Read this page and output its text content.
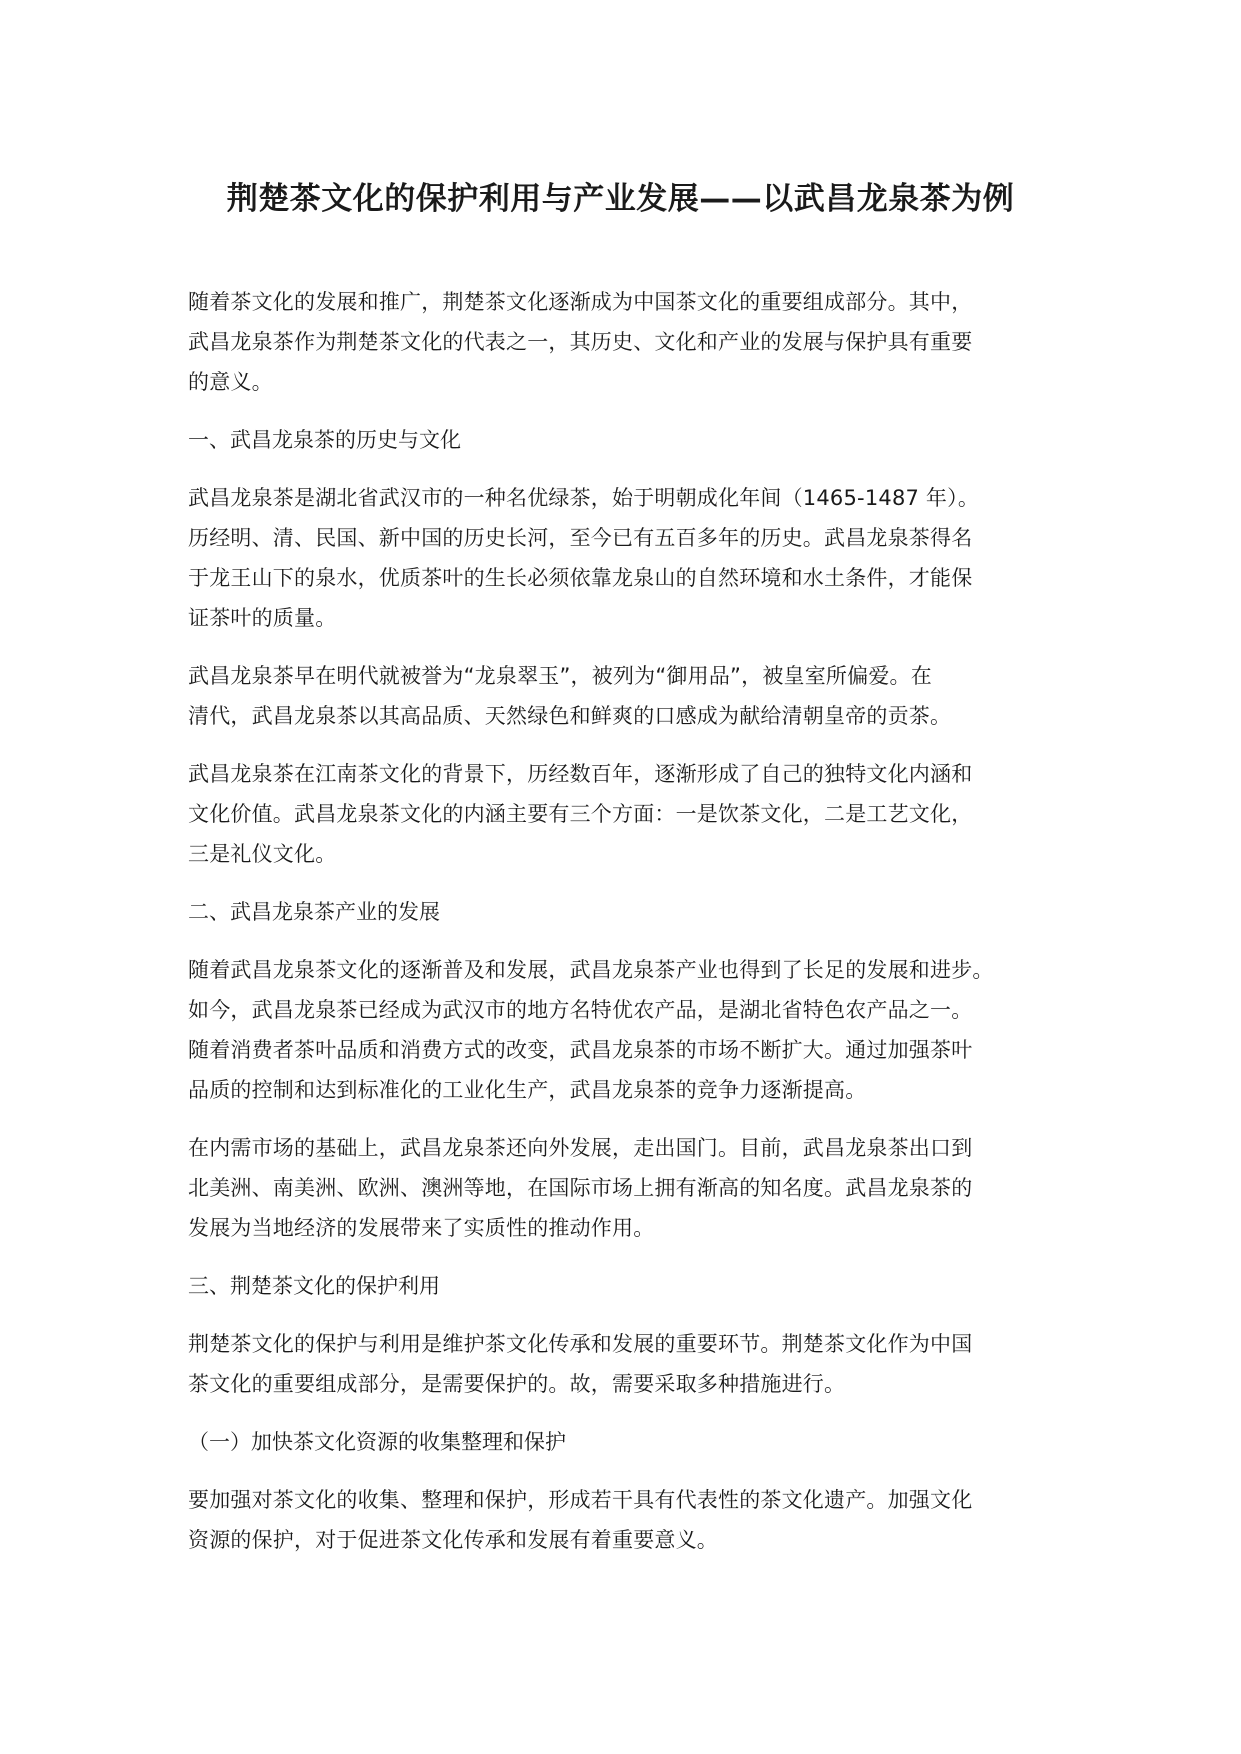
荆楚茶文化的保护利用与产业发展——以武昌龙泉茶为例

随着茶文化的发展和推广，荆楚茶文化逐渐成为中国茶文化的重要组成部分。其中，
武昌龙泉茶作为荆楚茶文化的代表之一，其历史、文化和产业的发展与保护具有重要
的意义。

一、武昌龙泉茶的历史与文化

武昌龙泉茶是湖北省武汉市的一种名优绿茶，始于明朝成化年间（1465-1487 年）。
历经明、清、民国、新中国的历史长河，至今已有五百多年的历史。武昌龙泉茶得名
于龙王山下的泉水，优质茶叶的生长必须依靠龙泉山的自然环境和水土条件，才能保
证茶叶的质量。

武昌龙泉茶早在明代就被誉为“龙泉翠玉”，被列为“御用品”，被皇室所偏爱。在
清代，武昌龙泉茶以其高品质、天然绿色和鲜爽的口感成为献给清朝皇帝的贡茶。

武昌龙泉茶在江南茶文化的背景下，历经数百年，逐渐形成了自己的独特文化内涵和
文化价值。武昌龙泉茶文化的内涵主要有三个方面：一是饮茶文化，二是工艺文化，
三是礼仪文化。

二、武昌龙泉茶产业的发展

随着武昌龙泉茶文化的逐渐普及和发展，武昌龙泉茶产业也得到了长足的发展和进步。
如今，武昌龙泉茶已经成为武汉市的地方名特优农产品，是湖北省特色农产品之一。
随着消费者茶叶品质和消费方式的改变，武昌龙泉茶的市场不断扩大。通过加强茶叶
品质的控制和达到标准化的工业化生产，武昌龙泉茶的竞争力逐渐提高。

在内需市场的基础上，武昌龙泉茶还向外发展，走出国门。目前，武昌龙泉茶出口到
北美洲、南美洲、欧洲、澳洲等地，在国际市场上拥有渐高的知名度。武昌龙泉茶的
发展为当地经济的发展带来了实质性的推动作用。

三、荆楚茶文化的保护利用

荆楚茶文化的保护与利用是维护茶文化传承和发展的重要环节。荆楚茶文化作为中国
茶文化的重要组成部分，是需要保护的。故，需要采取多种措施进行。

（一）加快茶文化资源的收集整理和保护

要加强对茶文化的收集、整理和保护，形成若干具有代表性的茶文化遗产。加强文化
资源的保护，对于促进茶文化传承和发展有着重要意义。
